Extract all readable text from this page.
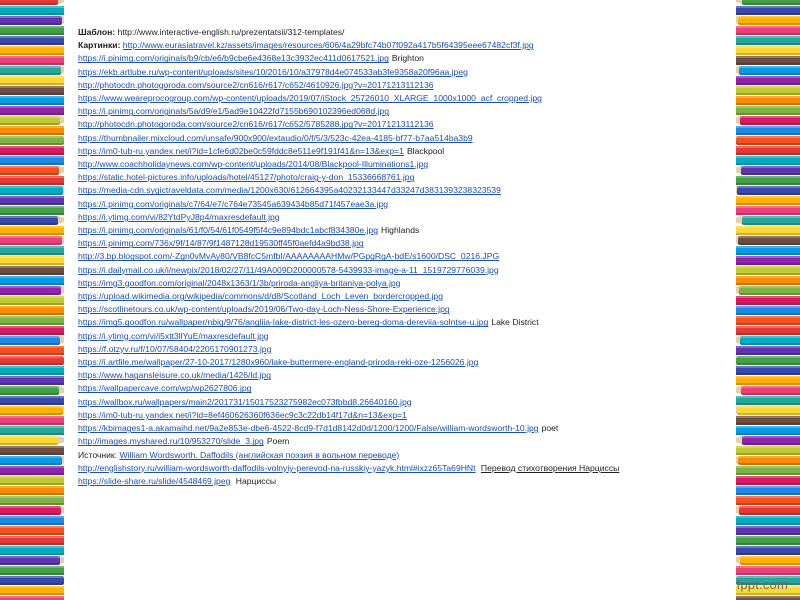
Шаблон: http://www.interactive-english.ru/prezentatsii/312-templates/
Картинки: http://www.eurasiatravel.kz/assets/images/resources/606/4a29bfc74b07f092a417b5f64395eee67482cf3f.jpg
https://i.pinimg.com/originals/b9/cb/e6/b9cbe6e4368e13c3932ec411d0617521.jpg Brighton
https://ekb.artlube.ru/wp-content/uploads/sites/10/2016/10/a37978d4e074533ab3fe9358a20f96aa.jpeg
http://photocdn.photogoroda.com/source2/cn616/r617/c652/4610926.jpg?v=20171213112136
https://www.weareprocogroup.com/wp-content/uploads/2019/07/iStock_25726010_XLARGE_1000x1000_acf_cropped.jpg
https://i.pinimg.com/originals/5a/d9/e1/5ad9e10422fd7155b690102396ed068d.jpg
http://photocdn.photogoroda.com/source2/cn616/r617/c652/5785288.jpg?v=20171213112136
https://thumbnailer.mixcloud.com/unsafe/900x900/extaudio/0/f/5/3/523c-42ea-4185-bf77-b7aa514ba3b9
https://im0-tub-ru.yandex.net/i?id=1cfe6d02be0c59fddc8e511e9f191f41&n=13&exp=1 Blackpool
http://www.coachholidaynews.com/wp-content/uploads/2014/08/Blackpool-Illuminations1.jpg
https://static.hotel-pictures.info/uploads/hotel/45127/photo/craig-y-don_15336668761.jpg
https://media-cdn.sygictraveldata.com/media/1200x630/612664395a40232133447d33247d3831393238323539
https://i.pinimg.com/originals/c7/64/e7/c764e73545a639434b85d71f457eae3a.jpg
https://i.ytimg.com/vi/82YtdPyJ8p4/maxresdefault.jpg
https://i.pinimg.com/originals/61/f0/54/61f0549f5f4c9e894bdc1abcf834380e.jpg Highlands
https://i.pinimg.com/736x/9f/14/87/9f1487128d19530ff45f0aefd4a9bd38.jpg
http://3.bp.blogspot.com/-Zgn0vMvAy80/VB8fcC5mfbI/AAAAAAAAHMw/PGpgRgA-bdE/s1600/DSC_0216.JPG
https://i.dailymail.co.uk/i/newpix/2018/02/27/11/49A009D200000578-5439933-image-a-11_1519729776039.jpg
https://img3.goodfon.com/original/2048x1363/1/3b/priroda-angliya-britaniya-polya.jpg
https://upload.wikimedia.org/wikipedia/commons/d/d8/Scotland_Loch_Leven_bordercropped.jpg
https://scotlinetours.co.uk/wp-content/uploads/2019/06/Two-day-Loch-Ness-Shore-Experience.jpg
https://img5.goodfon.ru/wallpaper/nbig/9/76/angliia-lake-district-les-ozero-bereg-doma-dereviia-solntse-u.jpg Lake District
https://i.ytimg.com/vi/i5xtt3llYuE/maxresdefault.jpg
https://f.otzyv.ru/f/10/07/58404/2205170901273.jpg
https://i.artfile.me/wallpaper/27-10-2017/1280x960/lake-buttermere-england-priroda-reki-oze-1256026.jpg
https://www.hagansleisure.co.uk/media/1426/ld.jpg
https://wallpapercave.com/wp/wp2627806.jpg
https://wallbox.ru/wallpapers/main2/201731/15017523275982ec073fbbd8.26640160.jpg
https://im0-tub-ru.yandex.net/i?id=8ef460626360f636ec9c3c22db14f17d&n=13&exp=1
https://kbimages1-a.akamaihd.net/9a2e853e-dbe6-4522-8cd9-f7d1d8142d0d/1200/1200/False/william-wordsworth-10.jpg poet
http://images.myshared.ru/10/953270/slide_3.jpg Poem
Источник: William Wordsworth. Daffodils (английская поэзия в вольном переводе)
http://englishstory.ru/william-wordsworth-daffodils-volnyiy-perevod-na-russkiy-yazyk.html#ixzz65Ta69HNt Перевод стихотворения Нарциссы
https://slide-share.ru/slide/4548469.jpeg Нарциссы
fppt.com
